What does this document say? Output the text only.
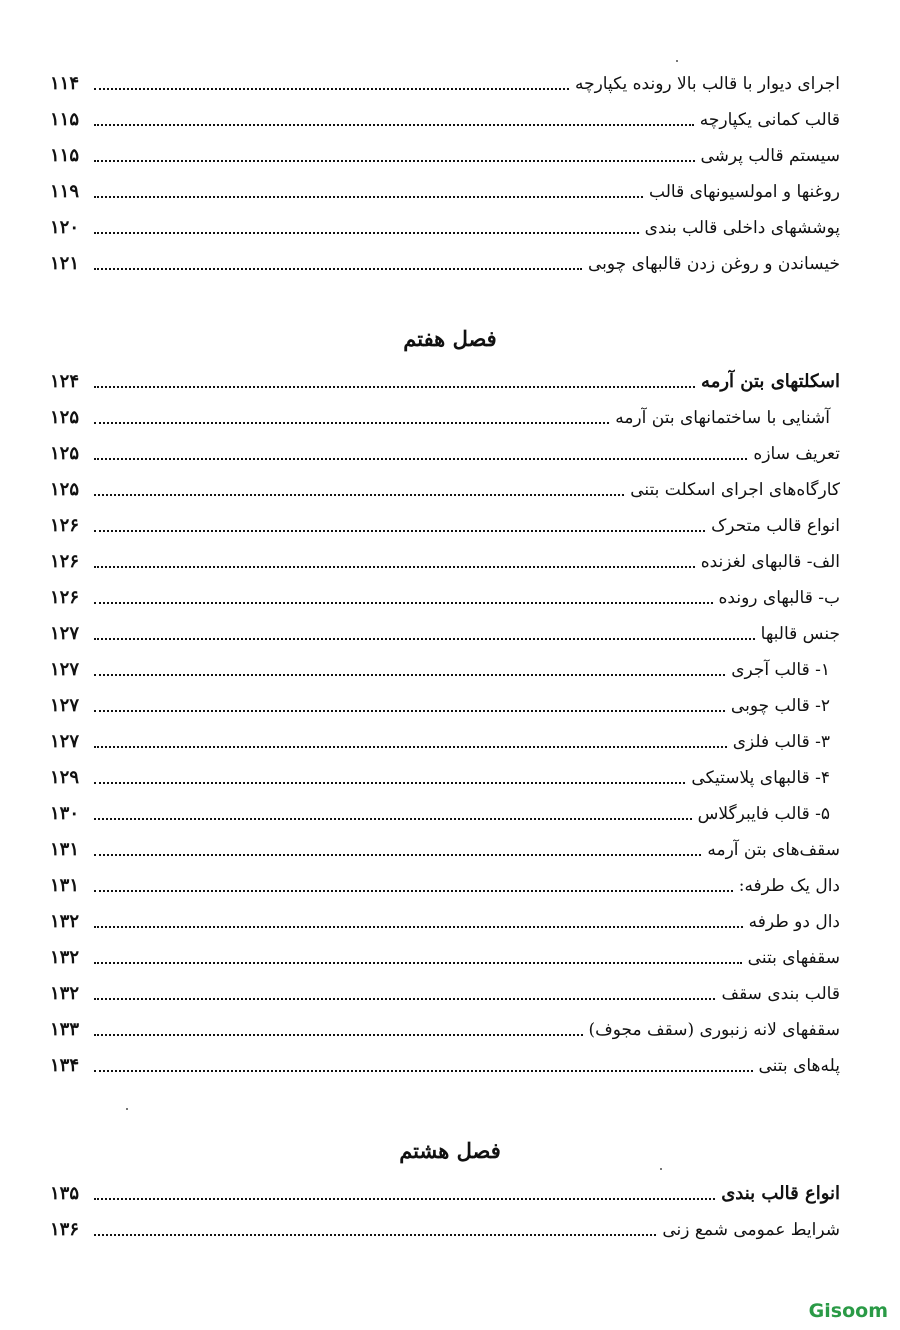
اجرای دیوار با قالب بالا رونده یکپارچه
۱۱۴
قالب کمانی یکپارچه
۱۱۵
سیستم قالب پرشی
۱۱۵
روغنها و امولسیونهای قالب
۱۱۹
پوششهای داخلی قالب بندی
۱۲۰
خیساندن و روغن زدن قالبهای چوبی
۱۲۱
فصل هفتم
اسکلتهای بتن آرمه
۱۲۴
آشنایی با ساختمانهای بتن آرمه
۱۲۵
تعریف سازه
۱۲۵
کارگاه‌های اجرای اسکلت بتنی
۱۲۵
انواع قالب متحرک
۱۲۶
الف- قالبهای لغزنده
۱۲۶
ب- قالبهای رونده
۱۲۶
جنس قالبها
۱۲۷
۱- قالب آجری
۱۲۷
۲- قالب چوبی
۱۲۷
۳- قالب فلزی
۱۲۷
۴- قالبهای پلاستیکی
۱۲۹
۵- قالب فایبرگلاس
۱۳۰
سقف‌های بتن آرمه
۱۳۱
دال یک طرفه:
۱۳۱
دال دو طرفه
۱۳۲
سقفهای بتنی
۱۳۲
قالب بندی سقف
۱۳۲
سقفهای لانه زنبوری (سقف مجوف)
۱۳۳
پله‌های بتنی
۱۳۴
فصل هشتم
انواع قالب بندی
۱۳۵
شرایط عمومی شمع زنی
۱۳۶
Gisoom
